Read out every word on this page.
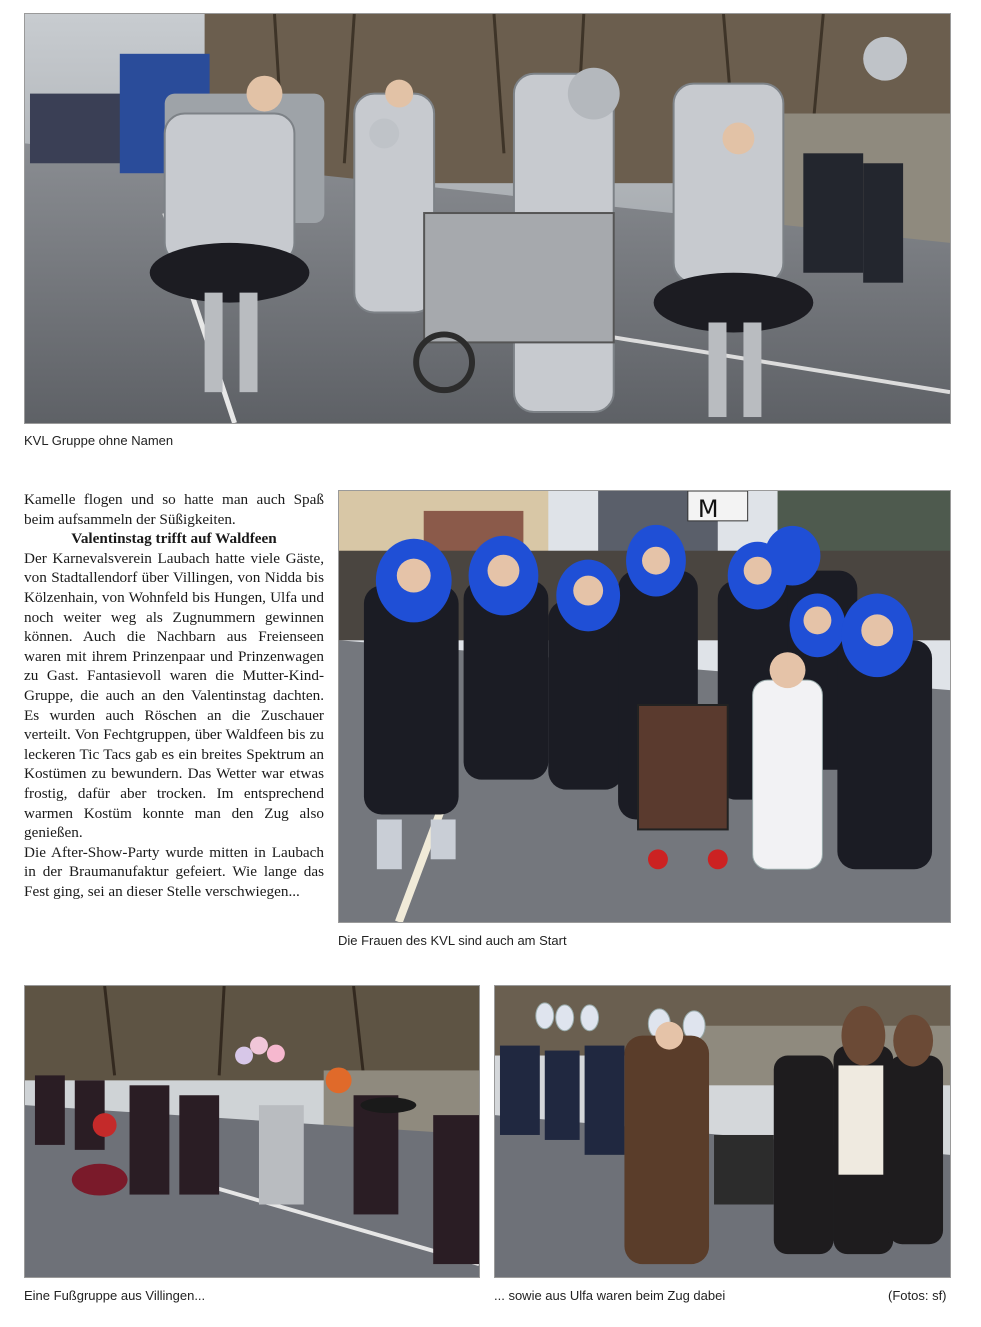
KVL Gruppe ohne Namen

Kamelle flogen und so hatte man auch Spaß beim aufsammeln der Süßigkeiten.

Valentinstag trifft auf Waldfeen

Der Karnevalsverein Laubach hatte viele Gäste, von Stadtallendorf über Villingen, von Nidda bis Kölzenhain, von Wohnfeld bis Hungen, Ulfa und noch weiter weg als Zugnummern gewinnen können. Auch die Nachbarn aus Freienseen waren mit ihrem Prinzenpaar und Prinzenwagen zu Gast. Fantasievoll waren die Mutter-Kind-Gruppe, die auch an den Valentinstag dachten. Es wurden auch Röschen an die Zuschauer verteilt. Von Fechtgruppen, über Waldfeen bis zu leckeren Tic Tacs gab es ein breites Spektrum an Kostümen zu bewundern. Das Wetter war etwas frostig, dafür aber trocken. Im entsprechend warmen Kostüm konnte man den Zug also genießen.

Die After-Show-Party wurde mitten in Laubach in der Braumanufaktur gefeiert. Wie lange das Fest ging, sei an dieser Stelle verschwiegen...

M
Die Frauen des KVL sind auch am Start
Eine Fußgruppe aus Villingen...	... sowie aus Ulfa waren beim Zug dabei	(Fotos: sf)
